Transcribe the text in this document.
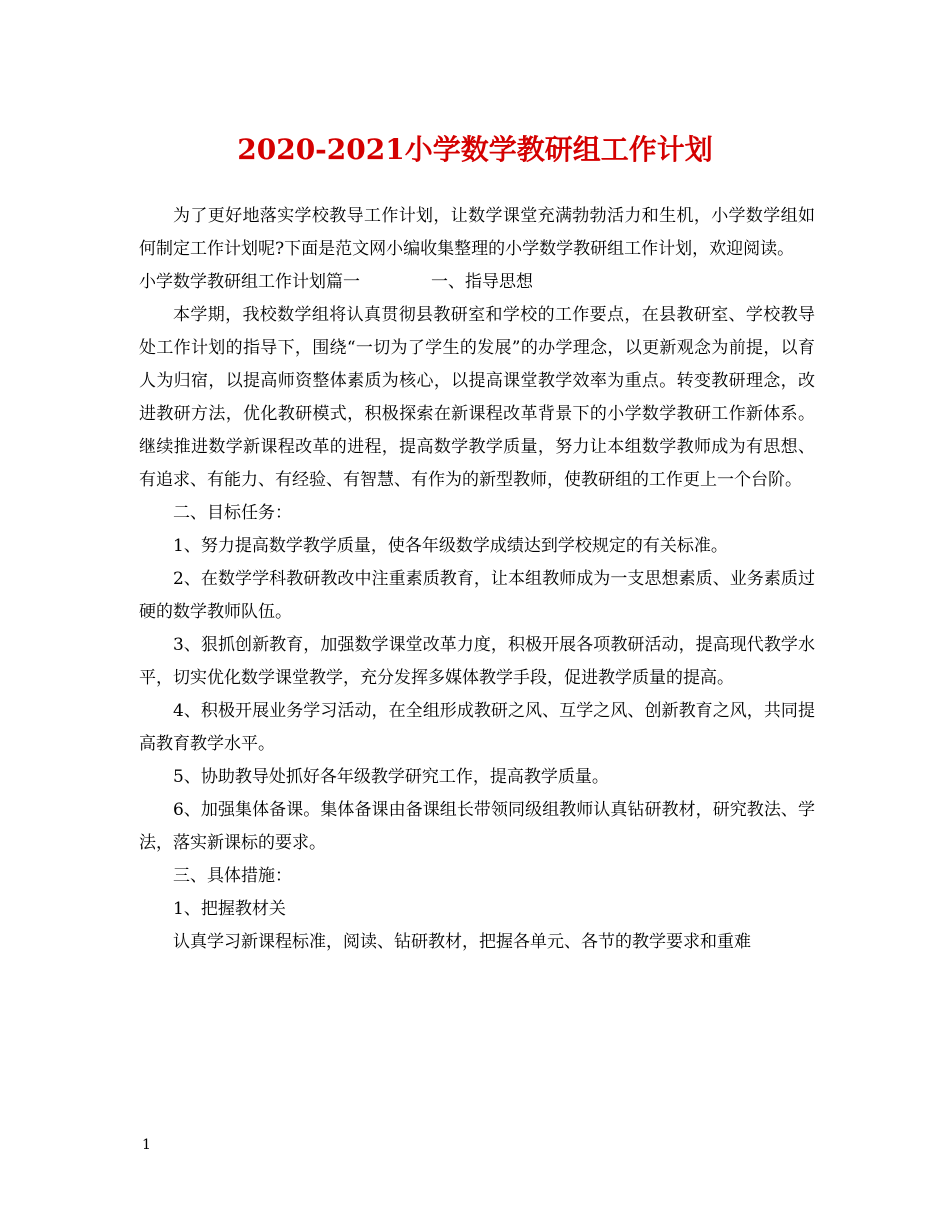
2020-2021小学数学教研组工作计划

为了更好地落实学校教导工作计划，让数学课堂充满勃勃活力和生机，小学数学组如何制定工作计划呢?下面是范文网小编收集整理的小学数学教研组工作计划，欢迎阅读。

小学数学教研组工作计划篇一	一、指导思想

本学期，我校数学组将认真贯彻县教研室和学校的工作要点，在县教研室、学校教导处工作计划的指导下，围绕“一切为了学生的发展”的办学理念，以更新观念为前提，以育人为归宿，以提高师资整体素质为核心，以提高课堂教学效率为重点。转变教研理念，改进教研方法，优化教研模式，积极探索在新课程改革背景下的小学数学教研工作新体系。继续推进数学新课程改革的进程，提高数学教学质量，努力让本组数学教师成为有思想、有追求、有能力、有经验、有智慧、有作为的新型教师，使教研组的工作更上一个台阶。

二、目标任务：

1、努力提高数学教学质量，使各年级数学成绩达到学校规定的有关标准。

2、在数学学科教研教改中注重素质教育，让本组教师成为一支思想素质、业务素质过硬的数学教师队伍。

3、狠抓创新教育，加强数学课堂改革力度，积极开展各项教研活动，提高现代教学水平，切实优化数学课堂教学，充分发挥多媒体教学手段，促进教学质量的提高。

4、积极开展业务学习活动，在全组形成教研之风、互学之风、创新教育之风，共同提高教育教学水平。

5、协助教导处抓好各年级教学研究工作，提高教学质量。

6、加强集体备课。集体备课由备课组长带领同级组教师认真钻研教材，研究教法、学法，落实新课标的要求。

三、具体措施：

1、把握教材关

认真学习新课程标准，阅读、钻研教材，把握各单元、各节的教学要求和重难

1
